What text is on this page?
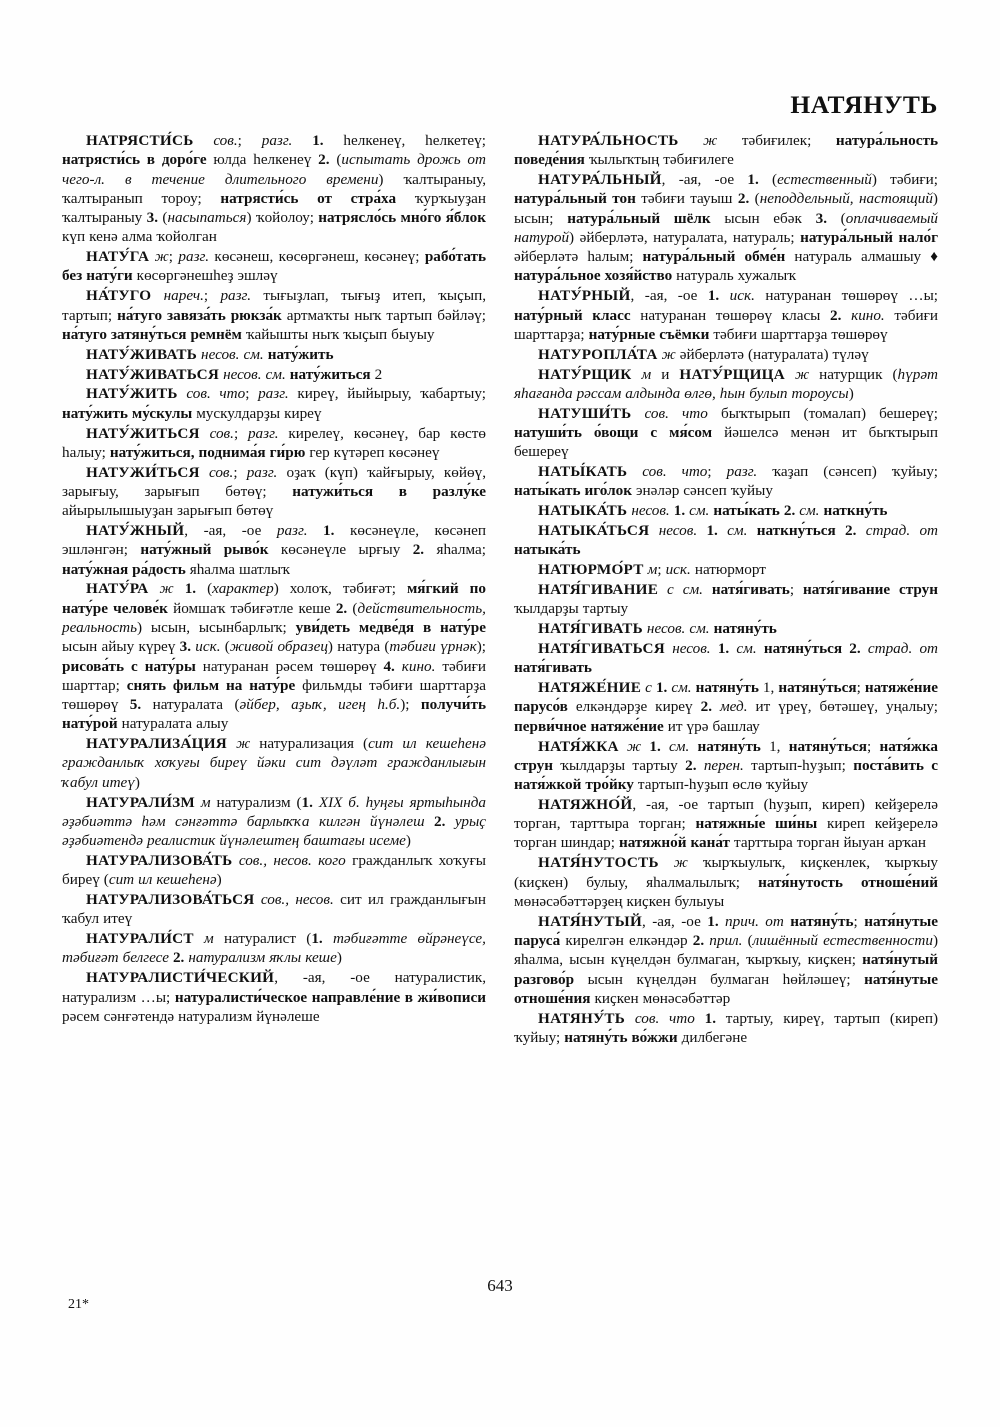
НАТЯНУТЬ

НАТРЯСТИ́СЬ сов.; разг. 1. һелкенеү, һелкетеү; натрясти́сь в доро́ге юлда һелкенеү 2. (испытать дрожь от чего-л. в течение длительного времени) ҡалтыраныу, ҡалтыранып тороу; натрясти́сь от стра́ха ҡурҡыуҙан ҡалтыраныу 3. (насыпаться) ҡойолоу; натрясло́сь мно́го я́блок күп кенә алма ҡойолган

НАТУ́ГА ж; разг. көсәнеш, көсөргәнеш, көсәнеү; рабо́тать без нату́ги көсөргәнешһеҙ эшләү

НА́ТУГО нареч.; разг. тығыҙлап, тығыҙ итеп, ҡыҫып, тартып; на́туго завяза́ть рюкза́к артмаҡты ныҡ тартып бәйләү; на́туго затяну́ться ремнём ҡайышты ныҡ ҡыҫып быуыу

НАТУ́ЖИВАТЬ несов. см. нату́жить

НАТУ́ЖИВАТЬСЯ несов. см. нату́житься 2

НАТУ́ЖИТЬ сов. что; разг. киреү, йыйырыу, ҡабартыу; нату́жить му́скулы мускулдарҙы киреү

НАТУ́ЖИТЬСЯ сов.; разг. кирелеү, көсәнеү, бар көстө һалыу; нату́житься, поднима́я ги́рю гер күтәреп көсәнеү

НАТУЖИ́ТЬСЯ сов.; разг. оҙаҡ (күп) ҡайғырыу, көйөү, зарығыу, зарығып бөтөү; натужи́ться в разлу́ке айырылышыуҙан зарығып бөтөү

НАТУ́ЖНЫЙ, -ая, -ое разг. 1. көсәнеүле, көсәнеп эшләнгән; нату́жный рыво́к көсәнеүле ырғыу 2. яһалма; нату́жная ра́дость яһалма шатлыҡ

НАТУ́РА ж 1. (характер) холоҡ, тәбиғәт; мя́гкий по нату́ре челове́к йомшаҡ тәбиғәтле кеше 2. (действительность, реальность) ысын, ысынбарлыҡ; уви́деть медве́дя в нату́ре ысын айыу күреү 3. иск. (живой образец) натура (тәбиғи үрнәк); рисова́ть с нату́ры натуранан рәсем төшөрөү 4. кино. тәбиғи шарттар; снять фильм на нату́ре фильмды тәбиғи шарттарҙа төшөрөү 5. натуралата (әйбер, аҙыҡ, игең һ.б.); получи́ть нату́рой натуралата алыу

НАТУРАЛИЗА́ЦИЯ ж натурализация (сит ил кешеһенә гражданлыҡ хоҡуғы биреү йәки сит дәүләт гражданлығын ҡабул итеү)

НАТУРАЛИ́ЗМ м натурализм (1. XIX б. һуңғы яртыһында әҙәбиәттә һәм сәнғәттә барлыҡҡа килгән йүнәлеш 2. урыҫ әҙәбиәтендә реалистик йүнәлештең баштағы исеме)

НАТУРАЛИЗОВА́ТЬ сов., несов. кого гражданлыҡ хоҡуғы биреү (сит ил кешеһенә)

НАТУРАЛИЗОВА́ТЬСЯ сов., несов. сит ил гражданлығын ҡабул итеү

НАТУРАЛИ́СТ м натуралист (1. тәбиғәтте өйрәнеүсе, тәбиғәт белгесе 2. натурализм яҡлы кеше)

НАТУРАЛИСТИ́ЧЕСКИЙ, -ая, -ое натуралистик, натурализм …ы; натуралисти́ческое направле́ние в жи́вописи рәсем сәнғәтендә натурализм йүнәлеше

НАТУРА́ЛЬНОСТЬ ж тәбиғилек; натура́льность поведе́ния ҡылыҡтың тәбиғилеге

НАТУРА́ЛЬНЫЙ, -ая, -ое 1. (естественный) тәбиғи; натура́льный тон тәбиғи тауыш 2. (неподдельный, настоящий) ысын; натура́льный шёлк ысын ебәк 3. (оплачиваемый натурой) әйберләтә, натуралата, натураль; натура́льный нало́г әйберләтә һалым; натура́льный обме́н натураль алмашыу ♦ натура́льное хозя́йство натураль хужалыҡ

НАТУ́РНЫЙ, -ая, -ое 1. иск. натуранан төшөрөү …ы; нату́рный класс натуранан төшөрөү класы 2. кино. тәбиғи шарттарҙа; нату́рные съёмки тәбиғи шарттарҙа төшөрөү

НАТУРОПЛА́ТА ж әйберләтә (натуралата) түләү

НАТУ́РЩИК м и НАТУ́РЩИЦА ж натурщик (һүрәт яһағанда рәссам алдында өлгө, һын булып тороусы)

НАТУШИ́ТЬ сов. что быҡтырып (томалап) бешереү; натуши́ть о́вощи с мя́сом йәшелсә менән ит быҡтырып бешереү

НАТЫ́КАТЬ сов. что; разг. ҡаҙап (сәнсеп) ҡуйыу; наты́кать иго́лок энәләр сәнсеп ҡуйыу

НАТЫКА́ТЬ несов. 1. см. наты́кать 2. см. наткну́ть

НАТЫКА́ТЬСЯ несов. 1. см. наткну́ться 2. страд. от натыка́ть

НАТЮРМО́РТ м; иск. натюрморт

НАТЯ́ГИВАНИЕ с см. натя́гивать; натя́гивание струн ҡылдарҙы тартыу

НАТЯ́ГИВАТЬ несов. см. натяну́ть

НАТЯ́ГИВАТЬСЯ несов. 1. см. натяну́ться 2. страд. от натя́гивать

НАТЯЖЕ́НИЕ с 1. см. натяну́ть 1, натяну́ться; натяже́ние парусо́в елкәндәрҙе киреү 2. мед. ит үреү, бөтәшеү, уңалыу; перви́чное натяже́ние ит үрә башлау

НАТЯ́ЖКА ж 1. см. натяну́ть 1, натяну́ться; натя́жка струн ҡылдарҙы тартыу 2. перен. тартып-һуҙып; поста́вить с натя́жкой тро́йку тартып-һуҙып өслө ҡуйыу

НАТЯЖНО́Й, -ая, -ое тартып (һуҙып, киреп) кейҙерелә торган, тарттыра торган; натяжны́е ши́ны киреп кейҙерелә торган шиндар; натяжно́й кана́т тарттыра торган йыуан арҡан

НАТЯ́НУТОСТЬ ж ҡырҡыулыҡ, киҫкенлек, ҡырҡыу (киҫкен) булыу, яһалмалылыҡ; натя́нутость отноше́ний мөнәсәбәттәрҙең киҫкен булыуы

НАТЯ́НУТЫЙ, -ая, -ое 1. прич. от натяну́ть; натя́нутые паруса́ кирелгән елкәндәр 2. прил. (лишённый естественности) яһалма, ысын күңелдән булмаган, ҡырҡыу, киҫкен; натя́нутый разгово́р ысын күңелдән булмаган һөйләшеү; натя́нутые отноше́ния киҫкен мөнәсәбәттәр

НАТЯНУ́ТЬ сов. что 1. тартыу, киреү, тартып (киреп) ҡуйыу; натяну́ть во́жжи дилбегәне

643
21*
